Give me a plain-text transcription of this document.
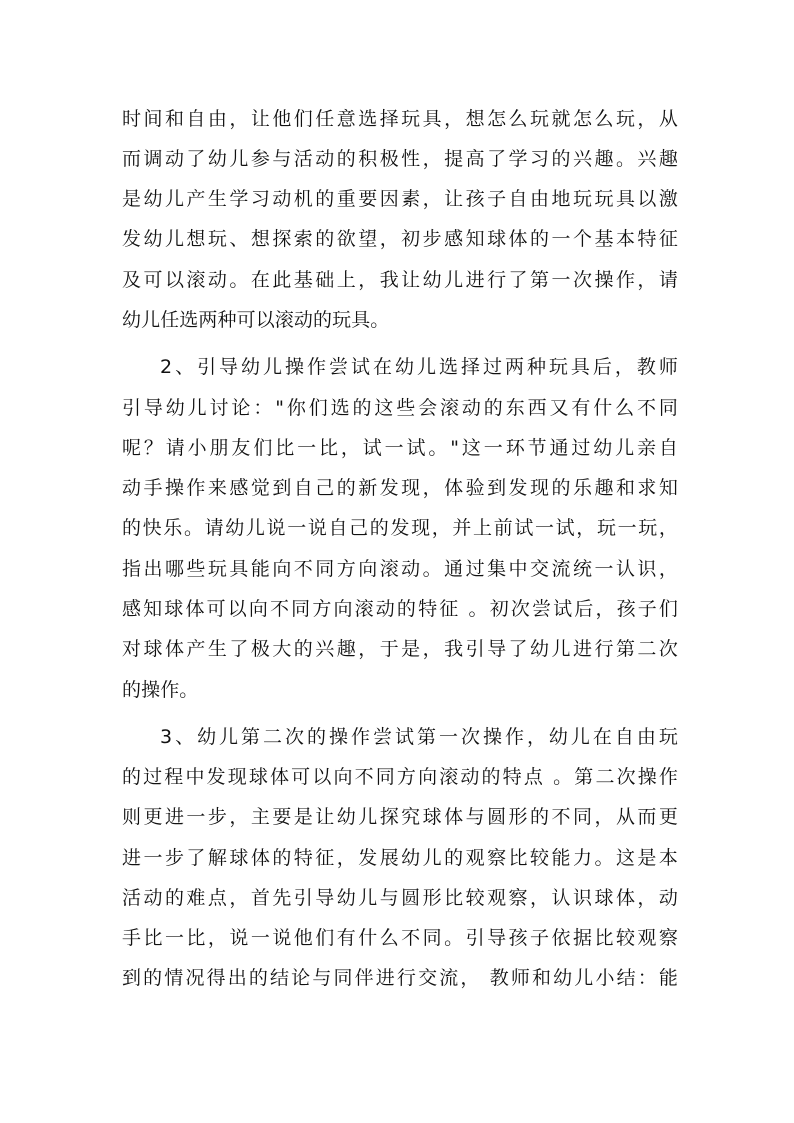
时间和自由，让他们任意选择玩具，想怎么玩就怎么玩，从
而调动了幼儿参与活动的积极性，提高了学习的兴趣。兴趣
是幼儿产生学习动机的重要因素，让孩子自由地玩玩具以激
发幼儿想玩、想探索的欲望，初步感知球体的一个基本特征
及可以滚动。在此基础上，我让幼儿进行了第一次操作，请
幼儿任选两种可以滚动的玩具。
2、引导幼儿操作尝试在幼儿选择过两种玩具后，教师
引导幼儿讨论："你们选的这些会滚动的东西又有什么不同
呢？请小朋友们比一比，试一试。"这一环节通过幼儿亲自
动手操作来感觉到自己的新发现，体验到发现的乐趣和求知
的快乐。请幼儿说一说自己的发现，并上前试一试，玩一玩，
指出哪些玩具能向不同方向滚动。通过集中交流统一认识，
感知球体可以向不同方向滚动的特征 。初次尝试后，孩子们
对球体产生了极大的兴趣，于是，我引导了幼儿进行第二次
的操作。
3、幼儿第二次的操作尝试第一次操作，幼儿在自由玩
的过程中发现球体可以向不同方向滚动的特点 。第二次操作
则更进一步，主要是让幼儿探究球体与圆形的不同，从而更
进一步了解球体的特征，发展幼儿的观察比较能力。这是本
活动的难点，首先引导幼儿与圆形比较观察，认识球体，动
手比一比，说一说他们有什么不同。引导孩子依据比较观察
到的情况得出的结论与同伴进行交流， 教师和幼儿小结：能
